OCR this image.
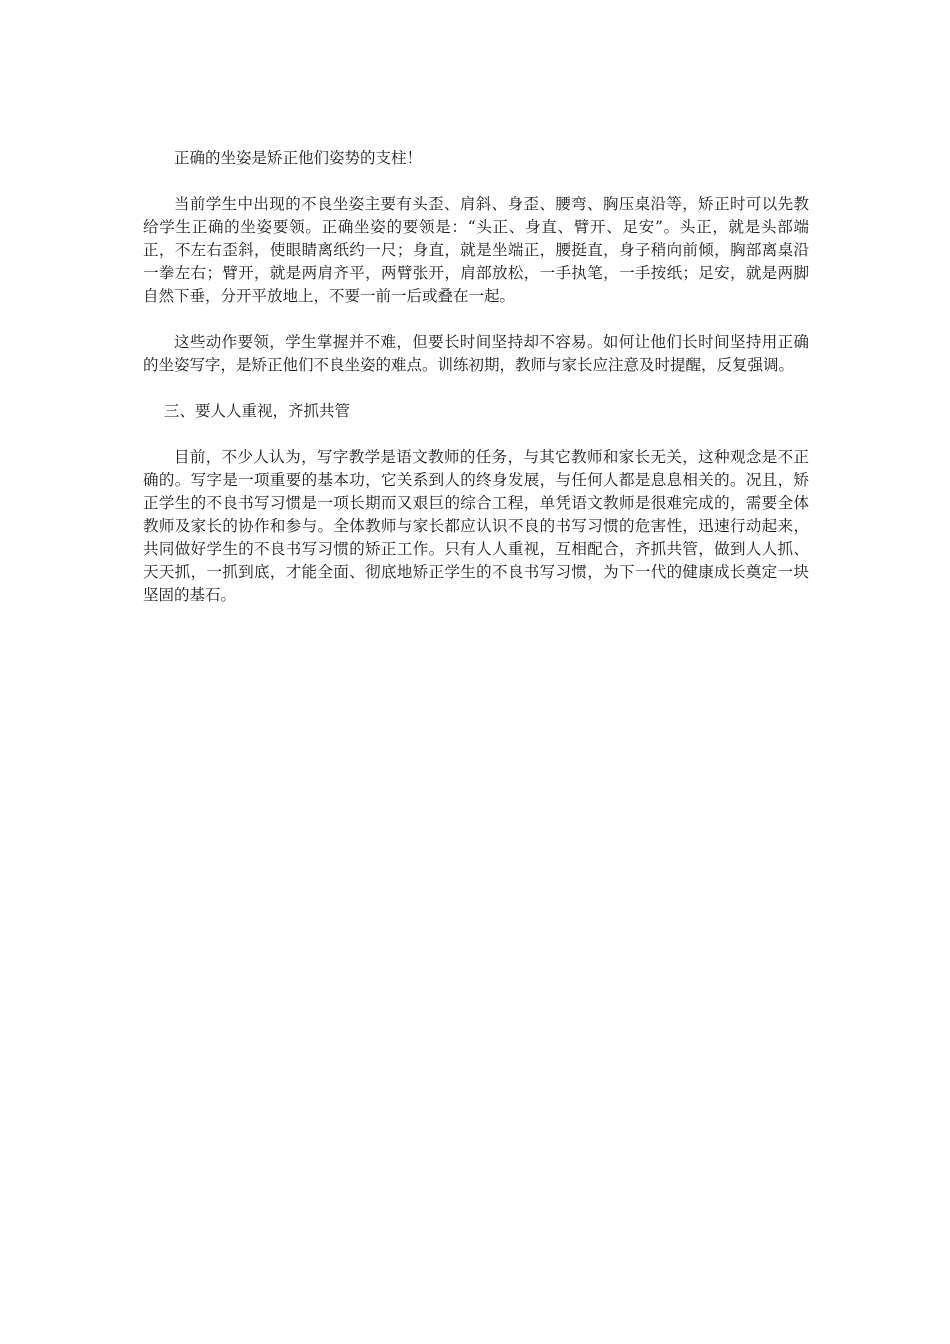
正确的坐姿是矫正他们姿势的支柱！

当前学生中出现的不良坐姿主要有头歪、肩斜、身歪、腰弯、胸压桌沿等，矫正时可以先教给学生正确的坐姿要领。正确坐姿的要领是：“头正、身直、臂开、足安”。头正，就是头部端正，不左右歪斜，使眼睛离纸约一尺；身直，就是坐端正，腰挺直，身子稍向前倾，胸部离桌沿一拳左右；臂开，就是两肩齐平，两臂张开，肩部放松，一手执笔，一手按纸；足安，就是两脚自然下垂，分开平放地上，不要一前一后或叠在一起。

这些动作要领，学生掌握并不难，但要长时间坚持却不容易。如何让他们长时间坚持用正确的坐姿写字，是矫正他们不良坐姿的难点。训练初期，教师与家长应注意及时提醒，反复强调。

三、要人人重视，齐抓共管

目前，不少人认为，写字教学是语文教师的任务，与其它教师和家长无关，这种观念是不正确的。写字是一项重要的基本功，它关系到人的终身发展，与任何人都是息息相关的。况且，矫正学生的不良书写习惯是一项长期而又艰巨的综合工程，单凭语文教师是很难完成的，需要全体教师及家长的协作和参与。全体教师与家长都应认识不良的书写习惯的危害性，迅速行动起来，共同做好学生的不良书写习惯的矫正工作。只有人人重视，互相配合，齐抓共管，做到人人抓、天天抓，一抓到底，才能全面、彻底地矫正学生的不良书写习惯，为下一代的健康成长奠定一块坚固的基石。
